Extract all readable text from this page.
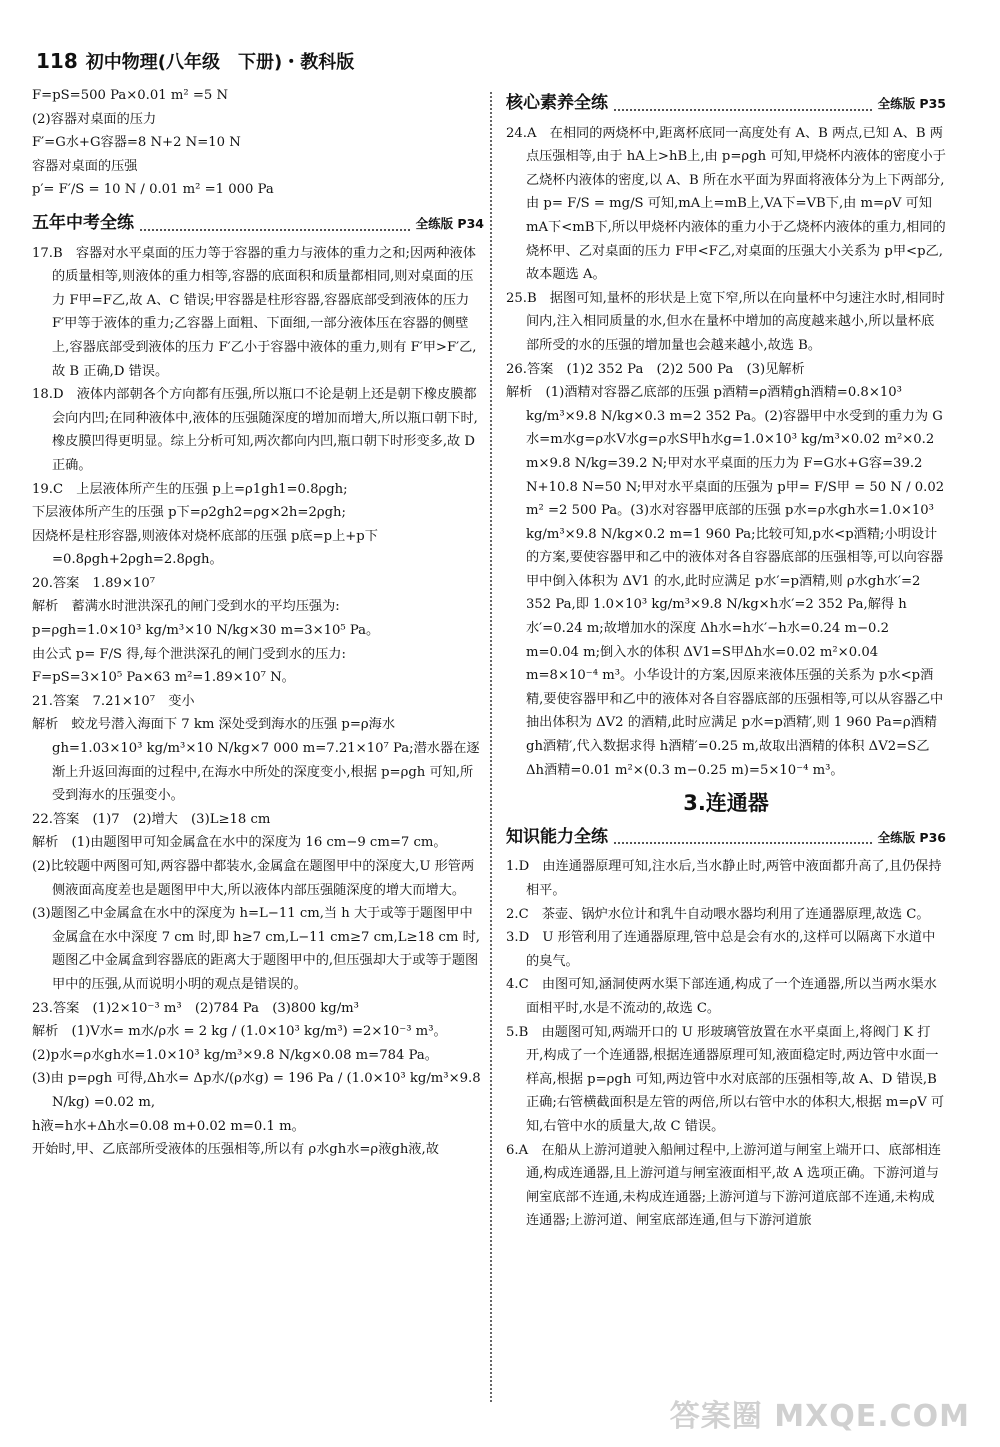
118 初中物理(八年级　下册)・教科版
F=pS=500 Pa×0.01 m² =5 N
(2)容器对桌面的压力
F′=G水+G容器=8 N+2 N=10 N
容器对桌面的压强
p′= F′/S = 10 N / 0.01 m² =1 000 Pa
五年中考全练	全练版 P34
17.B　容器对水平桌面的压力等于容器的重力与液体的重力之和;因两种液体的质量相等,则液体的重力相等,容器的底面积和质量都相同,则对桌面的压力 F甲=F乙,故 A、C 错误;甲容器是柱形容器,容器底部受到液体的压力 F′甲等于液体的重力;乙容器上面粗、下面细,一部分液体压在容器的侧壁上,容器底部受到液体的压力 F′乙小于容器中液体的重力,则有 F′甲>F′乙,故 B 正确,D 错误。
18.D　液体内部朝各个方向都有压强,所以瓶口不论是朝上还是朝下橡皮膜都会向内凹;在同种液体中,液体的压强随深度的增加而增大,所以瓶口朝下时,橡皮膜凹得更明显。综上分析可知,两次都向内凹,瓶口朝下时形变多,故 D 正确。
19.C　上层液体所产生的压强 p上=ρ1gh1=0.8ρgh;
下层液体所产生的压强 p下=ρ2gh2=ρg×2h=2ρgh;
因烧杯是柱形容器,则液体对烧杯底部的压强 p底=p上+p下=0.8ρgh+2ρgh=2.8ρgh。
20.答案　1.89×10⁷
解析　蓄满水时泄洪深孔的闸门受到水的平均压强为:
p=ρgh=1.0×10³ kg/m³×10 N/kg×30 m=3×10⁵ Pa。
由公式 p= F/S 得,每个泄洪深孔的闸门受到水的压力:
F=pS=3×10⁵ Pa×63 m²=1.89×10⁷ N。
21.答案　7.21×10⁷　变小
解析　蛟龙号潜入海面下 7 km 深处受到海水的压强 p=ρ海水gh=1.03×10³ kg/m³×10 N/kg×7 000 m=7.21×10⁷ Pa;潜水器在逐渐上升返回海面的过程中,在海水中所处的深度变小,根据 p=ρgh 可知,所受到海水的压强变小。
22.答案　(1)7　(2)增大　(3)L≥18 cm
解析　(1)由题图甲可知金属盒在水中的深度为 16 cm−9 cm=7 cm。
(2)比较题中两图可知,两容器中都装水,金属盒在题图甲中的深度大,U 形管两侧液面高度差也是题图甲中大,所以液体内部压强随深度的增大而增大。
(3)题图乙中金属盒在水中的深度为 h=L−11 cm,当 h 大于或等于题图甲中金属盒在水中深度 7 cm 时,即 h≥7 cm,L−11 cm≥7 cm,L≥18 cm 时,题图乙中金属盒到容器底的距离大于题图甲中的,但压强却大于或等于题图甲中的压强,从而说明小明的观点是错误的。
23.答案　(1)2×10⁻³ m³　(2)784 Pa　(3)800 kg/m³
解析　(1)V水= m水/ρ水 = 2 kg / (1.0×10³ kg/m³) =2×10⁻³ m³。
(2)p水=ρ水gh水=1.0×10³ kg/m³×9.8 N/kg×0.08 m=784 Pa。
(3)由 p=ρgh 可得,Δh水= Δp水/(ρ水g) = 196 Pa / (1.0×10³ kg/m³×9.8 N/kg) =0.02 m,
h液=h水+Δh水=0.08 m+0.02 m=0.1 m。
开始时,甲、乙底部所受液体的压强相等,所以有 ρ水gh水=ρ液gh液,故
核心素养全练	全练版 P35
24.A　在相同的两烧杯中,距离杯底同一高度处有 A、B 两点,已知 A、B 两点压强相等,由于 hA上>hB上,由 p=ρgh 可知,甲烧杯内液体的密度小于乙烧杯内液体的密度,以 A、B 所在水平面为界面将液体分为上下两部分,由 p= F/S = mg/S 可知,mA上=mB上,VA下=VB下,由 m=ρV 可知 mA下<mB下,所以甲烧杯内液体的重力小于乙烧杯内液体的重力,相同的烧杯甲、乙对桌面的压力 F甲<F乙,对桌面的压强大小关系为 p甲<p乙,故本题选 A。
25.B　据图可知,量杯的形状是上宽下窄,所以在向量杯中匀速注水时,相同时间内,注入相同质量的水,但水在量杯中增加的高度越来越小,所以量杯底部所受的水的压强的增加量也会越来越小,故选 B。
26.答案　(1)2 352 Pa　(2)2 500 Pa　(3)见解析
解析　(1)酒精对容器乙底部的压强 p酒精=ρ酒精gh酒精=0.8×10³ kg/m³×9.8 N/kg×0.3 m=2 352 Pa。(2)容器甲中水受到的重力为 G水=m水g=ρ水V水g=ρ水S甲h水g=1.0×10³ kg/m³×0.02 m²×0.2 m×9.8 N/kg=39.2 N;甲对水平桌面的压力为 F=G水+G容=39.2 N+10.8 N=50 N;甲对水平桌面的压强为 p甲= F/S甲 = 50 N / 0.02 m² =2 500 Pa。(3)水对容器甲底部的压强 p水=ρ水gh水=1.0×10³ kg/m³×9.8 N/kg×0.2 m=1 960 Pa;比较可知,p水<p酒精;小明设计的方案,要使容器甲和乙中的液体对各自容器底部的压强相等,可以向容器甲中倒入体积为 ΔV1 的水,此时应满足 p水′=p酒精,则 ρ水gh水′=2 352 Pa,即 1.0×10³ kg/m³×9.8 N/kg×h水′=2 352 Pa,解得 h水′=0.24 m;故增加水的深度 Δh水=h水′−h水=0.24 m−0.2 m=0.04 m;倒入水的体积 ΔV1=S甲Δh水=0.02 m²×0.04 m=8×10⁻⁴ m³。小华设计的方案,因原来液体压强的关系为 p水<p酒精,要使容器甲和乙中的液体对各自容器底部的压强相等,可以从容器乙中抽出体积为 ΔV2 的酒精,此时应满足 p水=p酒精′,则 1 960 Pa=ρ酒精gh酒精′,代入数据求得 h酒精′=0.25 m,故取出酒精的体积 ΔV2=S乙Δh酒精=0.01 m²×(0.3 m−0.25 m)=5×10⁻⁴ m³。
3.连通器
知识能力全练	全练版 P36
1.D　由连通器原理可知,注水后,当水静止时,两管中液面都升高了,且仍保持相平。
2.C　茶壶、锅炉水位计和乳牛自动喂水器均利用了连通器原理,故选 C。
3.D　U 形管利用了连通器原理,管中总是会有水的,这样可以隔离下水道中的臭气。
4.C　由图可知,涵洞使两水渠下部连通,构成了一个连通器,所以当两水渠水面相平时,水是不流动的,故选 C。
5.B　由题图可知,两端开口的 U 形玻璃管放置在水平桌面上,将阀门 K 打开,构成了一个连通器,根据连通器原理可知,液面稳定时,两边管中水面一样高,根据 p=ρgh 可知,两边管中水对底部的压强相等,故 A、D 错误,B 正确;右管横截面积是左管的两倍,所以右管中水的体积大,根据 m=ρV 可知,右管中水的质量大,故 C 错误。
6.A　在船从上游河道驶入船闸过程中,上游河道与闸室上端开口、底部相连通,构成连通器,且上游河道与闸室液面相平,故 A 选项正确。下游河道与闸室底部不连通,未构成连通器;上游河道与下游河道底部不连通,未构成连通器;上游河道、闸室底部连通,但与下游河道旅
答案圈 MXQE.COM
